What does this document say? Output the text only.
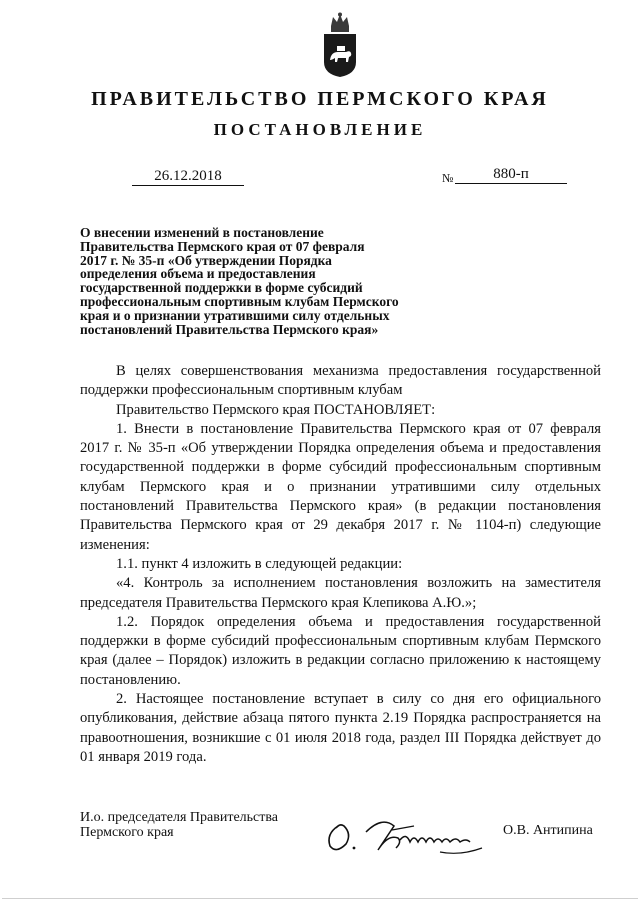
ПРАВИТЕЛЬСТВО ПЕРМСКОГО КРАЯ
ПОСТАНОВЛЕНИЕ
26.12.2018	№	880-п
О внесении изменений в постановление
Правительства Пермского края от 07 февраля
2017 г. № 35-п «Об утверждении Порядка
определения объема и предоставления
государственной поддержки в форме субсидий
профессиональным спортивным клубам Пермского
края и о признании утратившими силу отдельных
постановлений Правительства Пермского края»

В целях совершенствования механизма предоставления государственной поддержки профессиональным спортивным клубам

Правительство Пермского края ПОСТАНОВЛЯЕТ:

1. Внести в постановление Правительства Пермского края от 07 февраля 2017 г. № 35-п «Об утверждении Порядка определения объема и предоставления государственной поддержки в форме субсидий профессиональным спортивным клубам Пермского края и о признании утратившими силу отдельных постановлений Правительства Пермского края» (в редакции постановления Правительства Пермского края от 29 декабря 2017 г. № 1104-п) следующие изменения:

1.1. пункт 4 изложить в следующей редакции:

«4. Контроль за исполнением постановления возложить на заместителя председателя Правительства Пермского края Клепикова А.Ю.»;

1.2. Порядок определения объема и предоставления государственной поддержки в форме субсидий профессиональным спортивным клубам Пермского края (далее – Порядок) изложить в редакции согласно приложению к настоящему постановлению.

2. Настоящее постановление вступает в силу со дня его официального опубликования, действие абзаца пятого пункта 2.19 Порядка распространяется на правоотношения, возникшие с 01 июля 2018 года, раздел III Порядка действует до 01 января 2019 года.

И.о. председателя Правительства
Пермского края	О.В. Антипина
